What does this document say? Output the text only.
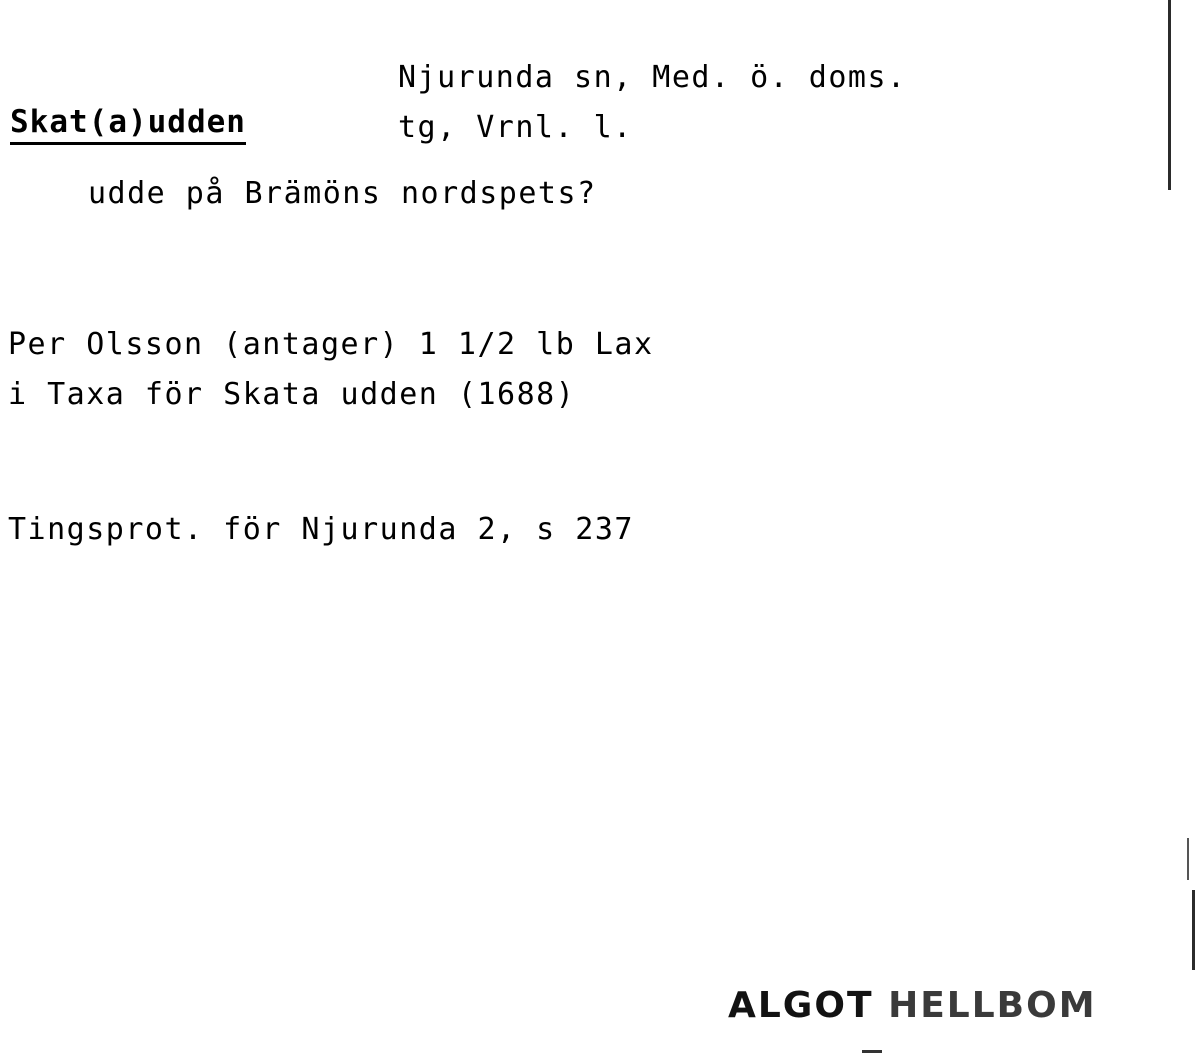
Skat(a)udden
Njurunda sn, Med. ö. doms.
tg, Vrnl. l.
udde på Brämöns nordspets?
Per Olsson (antager) 1 1/2 lb Lax
i Taxa för Skata udden (1688)
Tingsprot. för Njurunda 2, s 237
ALGOT HELLBOM
